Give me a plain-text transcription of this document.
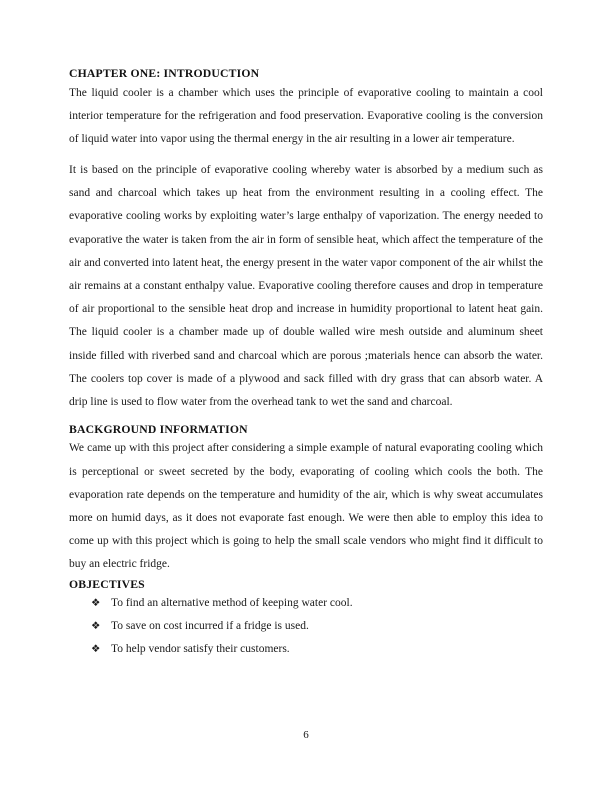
CHAPTER ONE: INTRODUCTION

The liquid cooler is a chamber which uses the principle of evaporative cooling to maintain a cool interior temperature for the refrigeration and food preservation. Evaporative cooling is the conversion of liquid water into vapor using the thermal energy in the air resulting in a lower air temperature.

It is based on the principle of evaporative cooling whereby water is absorbed by a medium such as sand and charcoal which takes up heat from the environment resulting in a cooling effect. The evaporative cooling works by exploiting water’s large enthalpy of vaporization. The energy needed to evaporative the water is taken from the air in form of sensible heat, which affect the temperature of the air and converted into latent heat, the energy present in the water vapor component of the air whilst the air remains at a constant enthalpy value. Evaporative cooling therefore causes and drop in temperature of air proportional to the sensible heat drop and increase in humidity proportional to latent heat gain. The liquid cooler is a chamber made up of double walled wire mesh outside and aluminum sheet inside filled with riverbed sand and charcoal which are porous ;materials hence can absorb the water. The coolers top cover is made of a plywood and sack filled with dry grass that can absorb water. A drip line is used to flow water from the overhead tank to wet the sand and charcoal.

BACKGROUND INFORMATION

We came up with this project after considering a simple example of natural evaporating cooling which is perceptional or sweet secreted by the body, evaporating of cooling which cools the both. The evaporation rate depends on the temperature and humidity of the air, which is why sweat accumulates more on humid days, as it does not evaporate fast enough. We were then able to employ this idea to come up with this project which is going to help the small scale vendors who might find it difficult to buy an electric fridge.

OBJECTIVES
❖ To find an alternative method of keeping water cool.
❖ To save on cost incurred if a fridge is used.
❖ To help vendor satisfy their customers.
6
